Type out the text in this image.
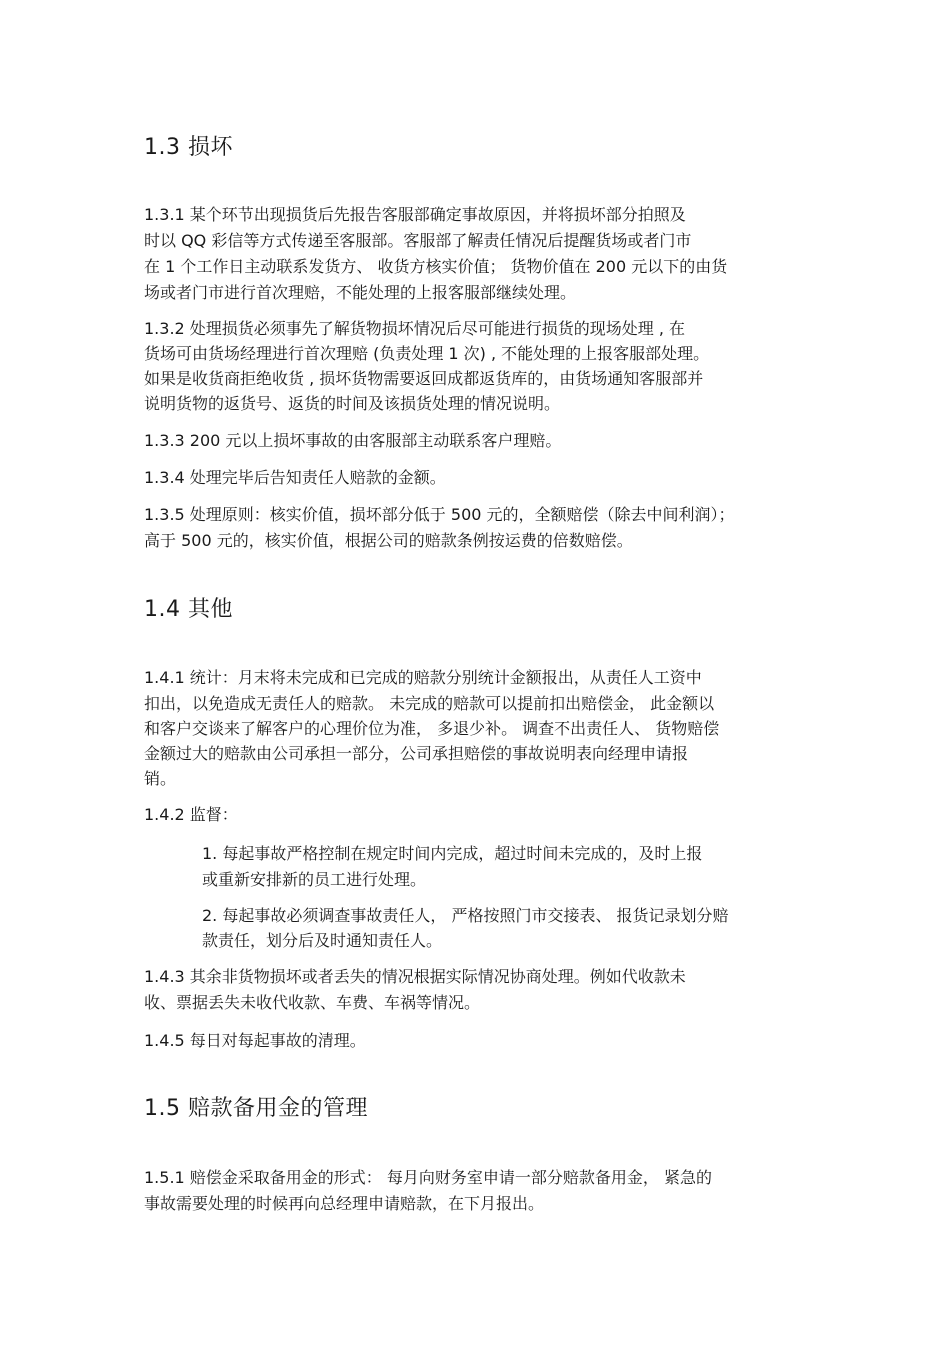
1.3 损坏
1.3.1 某个环节出现损货后先报告客服部确定事故原因，并将损坏部分拍照及
时以 QQ 彩信等方式传递至客服部。客服部了解责任情况后提醒货场或者门市
在 1 个工作日主动联系发货方、 收货方核实价值； 货物价值在 200 元以下的由货
场或者门市进行首次理赔，不能处理的上报客服部继续处理。
1.3.2 处理损货必须事先了解货物损坏情况后尽可能进行损货的现场处理 , 在
货场可由货场经理进行首次理赔 (负责处理 1 次) , 不能处理的上报客服部处理。
如果是收货商拒绝收货 , 损坏货物需要返回成都返货库的，由货场通知客服部并
说明货物的返货号、返货的时间及该损货处理的情况说明。
1.3.3 200 元以上损坏事故的由客服部主动联系客户理赔。
1.3.4 处理完毕后告知责任人赔款的金额。
1.3.5 处理原则：核实价值，损坏部分低于 500 元的，全额赔偿（除去中间利润）；
高于 500 元的，核实价值，根据公司的赔款条例按运费的倍数赔偿。
1.4 其他
1.4.1 统计：月末将未完成和已完成的赔款分别统计金额报出，从责任人工资中
扣出，以免造成无责任人的赔款。 未完成的赔款可以提前扣出赔偿金， 此金额以
和客户交谈来了解客户的心理价位为准， 多退少补。 调查不出责任人、 货物赔偿
金额过大的赔款由公司承担一部分，公司承担赔偿的事故说明表向经理申请报
销。
1.4.2 监督：
1. 每起事故严格控制在规定时间内完成，超过时间未完成的，及时上报
或重新安排新的员工进行处理。
2. 每起事故必须调查事故责任人， 严格按照门市交接表、 报货记录划分赔
款责任，划分后及时通知责任人。
1.4.3 其余非货物损坏或者丢失的情况根据实际情况协商处理。例如代收款未
收、票据丢失未收代收款、车费、车祸等情况。
1.4.5 每日对每起事故的清理。
1.5 赔款备用金的管理
1.5.1 赔偿金采取备用金的形式： 每月向财务室申请一部分赔款备用金， 紧急的
事故需要处理的时候再向总经理申请赔款，在下月报出。
